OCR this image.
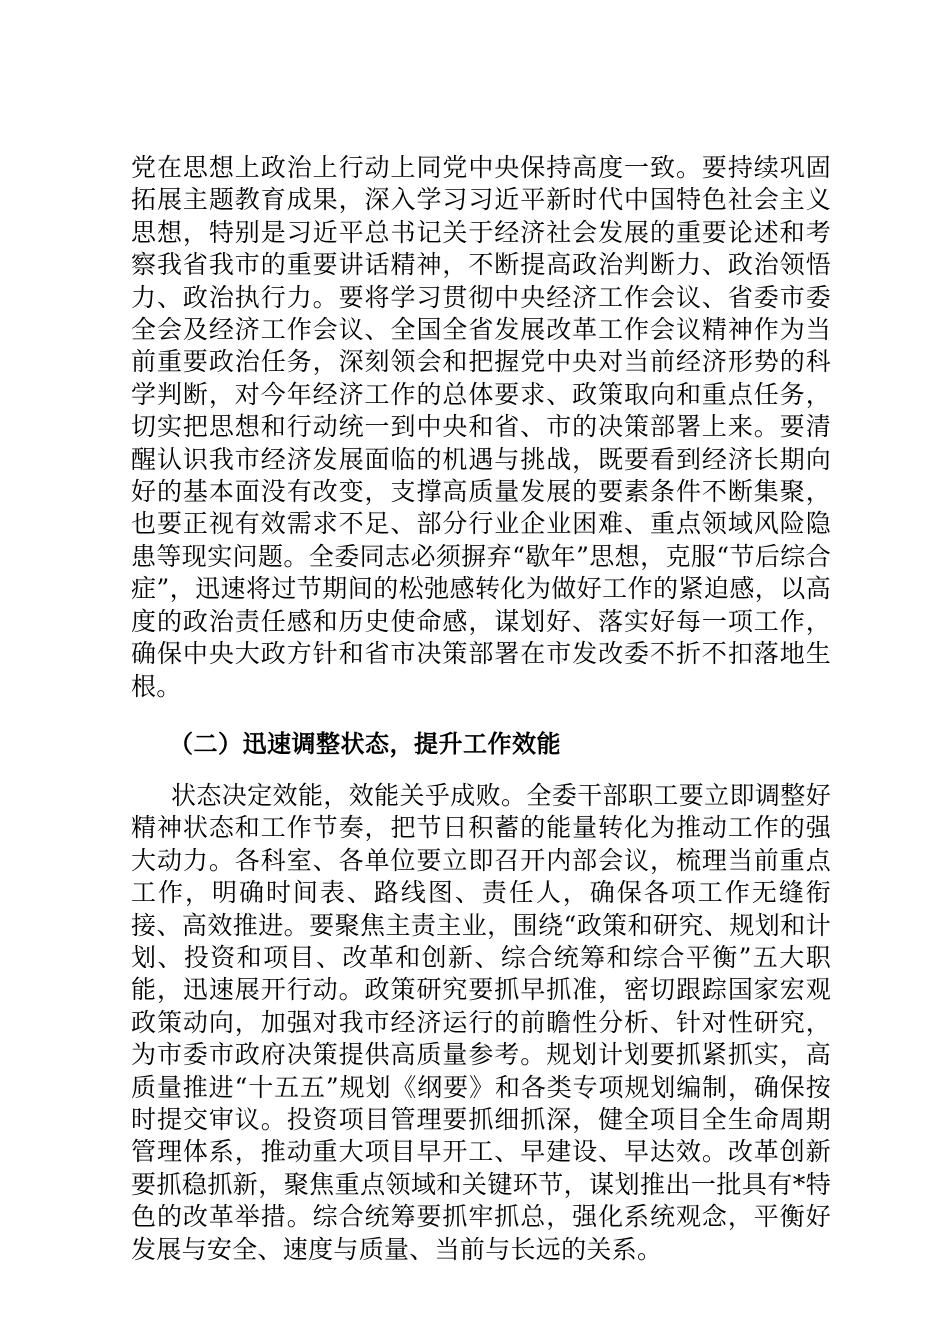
党在思想上政治上行动上同党中央保持高度一致。要持续巩固拓展主题教育成果，深入学习习近平新时代中国特色社会主义思想，特别是习近平总书记关于经济社会发展的重要论述和考察我省我市的重要讲话精神，不断提高政治判断力、政治领悟力、政治执行力。要将学习贯彻中央经济工作会议、省委市委全会及经济工作会议、全国全省发展改革工作会议精神作为当前重要政治任务，深刻领会和把握党中央对当前经济形势的科学判断，对今年经济工作的总体要求、政策取向和重点任务，切实把思想和行动统一到中央和省、市的决策部署上来。要清醒认识我市经济发展面临的机遇与挑战，既要看到经济长期向好的基本面没有改变，支撑高质量发展的要素条件不断集聚，也要正视有效需求不足、部分行业企业困难、重点领域风险隐患等现实问题。全委同志必须摒弃“歇年”思想，克服“节后综合症”，迅速将过节期间的松弛感转化为做好工作的紧迫感，以高度的政治责任感和历史使命感，谋划好、落实好每一项工作，确保中央大政方针和省市决策部署在市发改委不折不扣落地生根。

（二）迅速调整状态，提升工作效能

状态决定效能，效能关乎成败。全委干部职工要立即调整好精神状态和工作节奏，把节日积蓄的能量转化为推动工作的强大动力。各科室、各单位要立即召开内部会议，梳理当前重点工作，明确时间表、路线图、责任人，确保各项工作无缝衔接、高效推进。要聚焦主责主业，围绕“政策和研究、规划和计划、投资和项目、改革和创新、综合统筹和综合平衡”五大职能，迅速展开行动。政策研究要抓早抓准，密切跟踪国家宏观政策动向，加强对我市经济运行的前瞻性分析、针对性研究，为市委市政府决策提供高质量参考。规划计划要抓紧抓实，高质量推进“十五五”规划《纲要》和各类专项规划编制，确保按时提交审议。投资项目管理要抓细抓深，健全项目全生命周期管理体系，推动重大项目早开工、早建设、早达效。改革创新要抓稳抓新，聚焦重点领域和关键环节，谋划推出一批具有*特色的改革举措。综合统筹要抓牢抓总，强化系统观念，平衡好发展与安全、速度与质量、当前与长远的关系。
